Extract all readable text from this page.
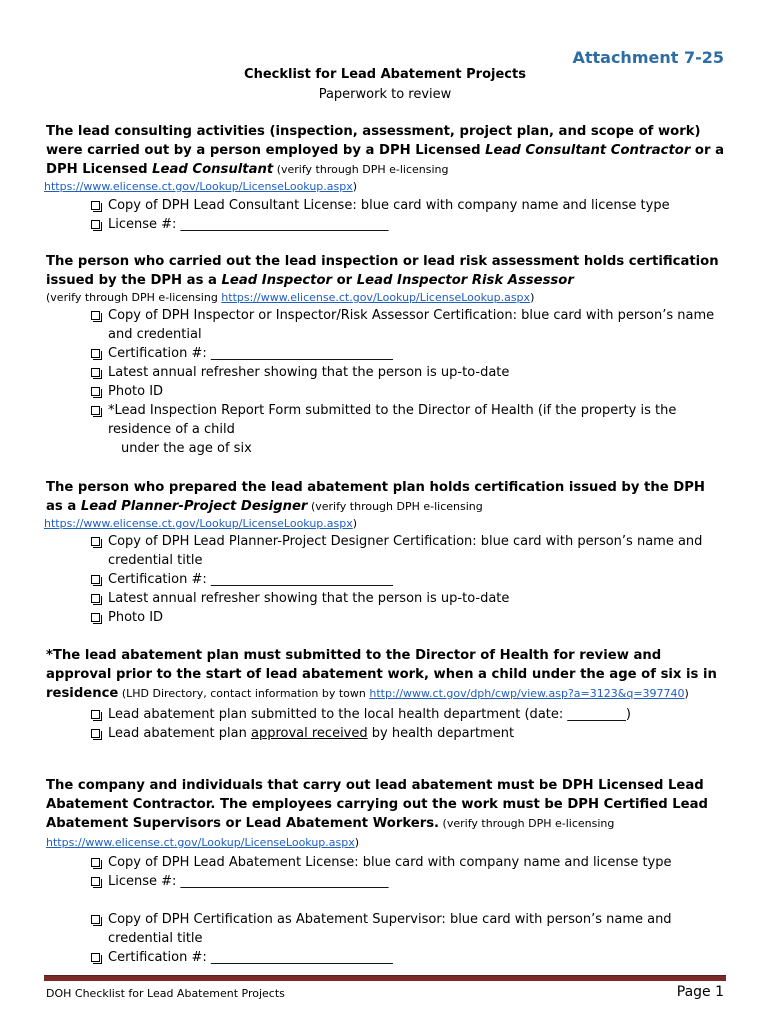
Attachment 7-25
Checklist for Lead Abatement Projects
Paperwork to review

The lead consulting activities (inspection, assessment, project plan, and scope of work) were carried out by a person employed by a DPH Licensed Lead Consultant Contractor or a DPH Licensed Lead Consultant (verify through DPH e-licensing

https://www.elicense.ct.gov/Lookup/LicenseLookup.aspx)
Copy of DPH Lead Consultant License: blue card with company name and license type
License #: ________________________________

The person who carried out the lead inspection or lead risk assessment holds certification issued by the DPH as a Lead Inspector or Lead Inspector Risk Assessor

(verify through DPH e-licensing https://www.elicense.ct.gov/Lookup/LicenseLookup.aspx)
Copy of DPH Inspector or Inspector/Risk Assessor Certification: blue card with person’s name and credential
Certification #: ____________________________
Latest annual refresher showing that the person is up-to-date
Photo ID
*Lead Inspection Report Form submitted to the Director of Health (if the property is the residence of a child
under the age of six

The person who prepared the lead abatement plan holds certification issued by the DPH as a Lead Planner-Project Designer (verify through DPH e-licensing

https://www.elicense.ct.gov/Lookup/LicenseLookup.aspx)
Copy of DPH Lead Planner-Project Designer Certification: blue card with person’s name and credential title
Certification #: ____________________________
Latest annual refresher showing that the person is up-to-date
Photo ID

*The lead abatement plan must submitted to the Director of Health for review and approval prior to the start of lead abatement work, when a child under the age of six is in residence (LHD Directory, contact information by town http://www.ct.gov/dph/cwp/view.asp?a=3123&q=397740)

Lead abatement plan submitted to the local health department (date: _________)
Lead abatement plan approval received by health department

The company and individuals that carry out lead abatement must be DPH Licensed Lead Abatement Contractor. The employees carrying out the work must be DPH Certified Lead Abatement Supervisors or Lead Abatement Workers. (verify through DPH e-licensing https://www.elicense.ct.gov/Lookup/LicenseLookup.aspx)

Copy of DPH Lead Abatement License: blue card with company name and license type
License #: ________________________________
Copy of DPH Certification as Abatement Supervisor: blue card with person’s name and credential title
Certification #: ____________________________
DOH Checklist for Lead Abatement Projects	Page 1
